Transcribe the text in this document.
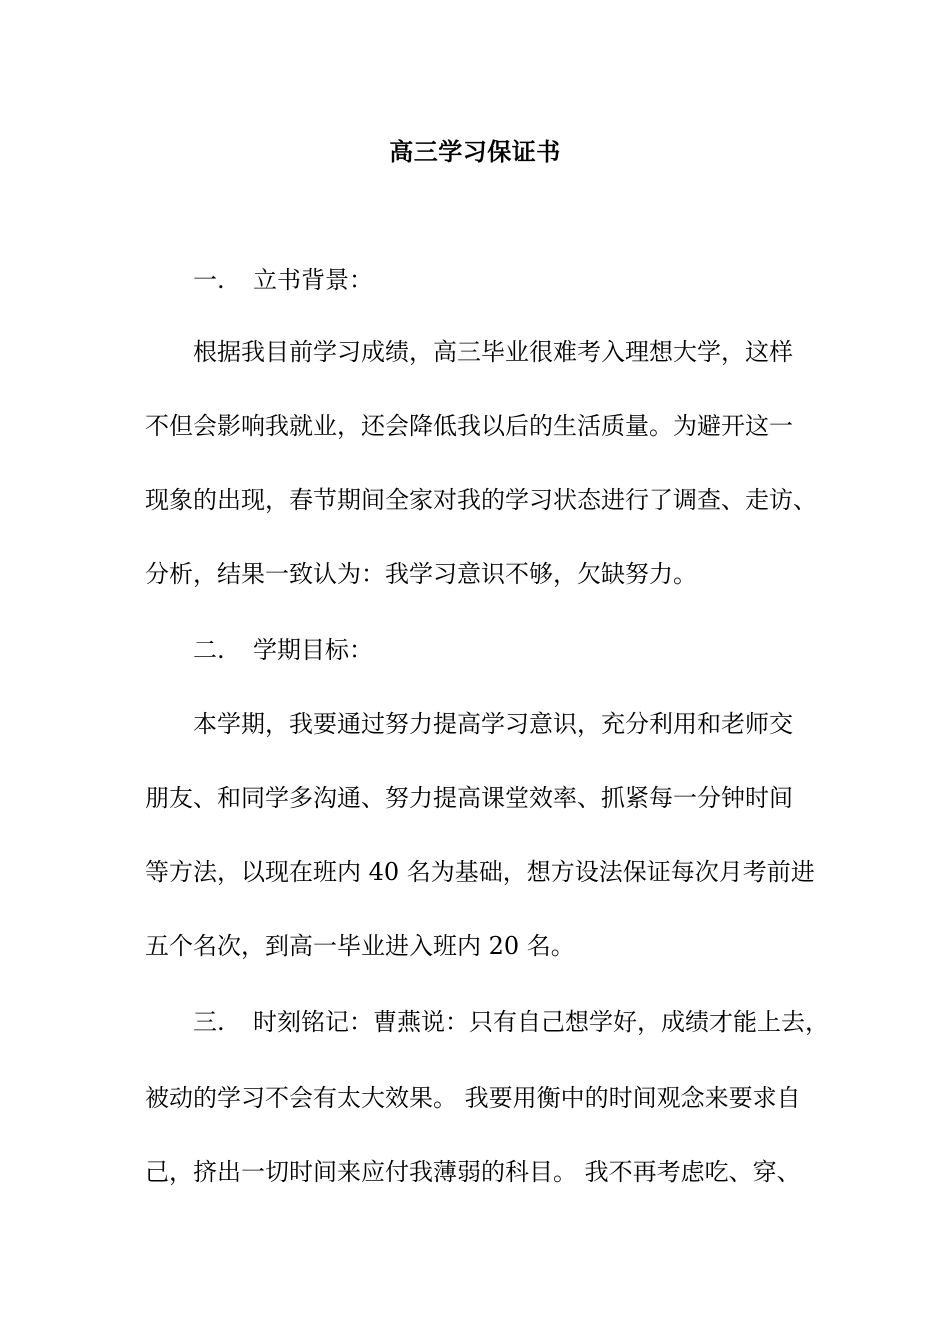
高三学习保证书
一. 立书背景：
根据我目前学习成绩，高三毕业很难考入理想大学，这样
不但会影响我就业，还会降低我以后的生活质量。为避开这一
现象的出现，春节期间全家对我的学习状态进行了调查、走访、
分析，结果一致认为：我学习意识不够，欠缺努力。
二. 学期目标：
本学期，我要通过努力提高学习意识，充分利用和老师交
朋友、和同学多沟通、努力提高课堂效率、抓紧每一分钟时间
等方法，以现在班内 40 名为基础，想方设法保证每次月考前进
五个名次，到高一毕业进入班内 20 名。
三. 时刻铭记：曹燕说：只有自己想学好，成绩才能上去，
被动的学习不会有太大效果。 我要用衡中的时间观念来要求自
己，挤出一切时间来应付我薄弱的科目。 我不再考虑吃、穿、
